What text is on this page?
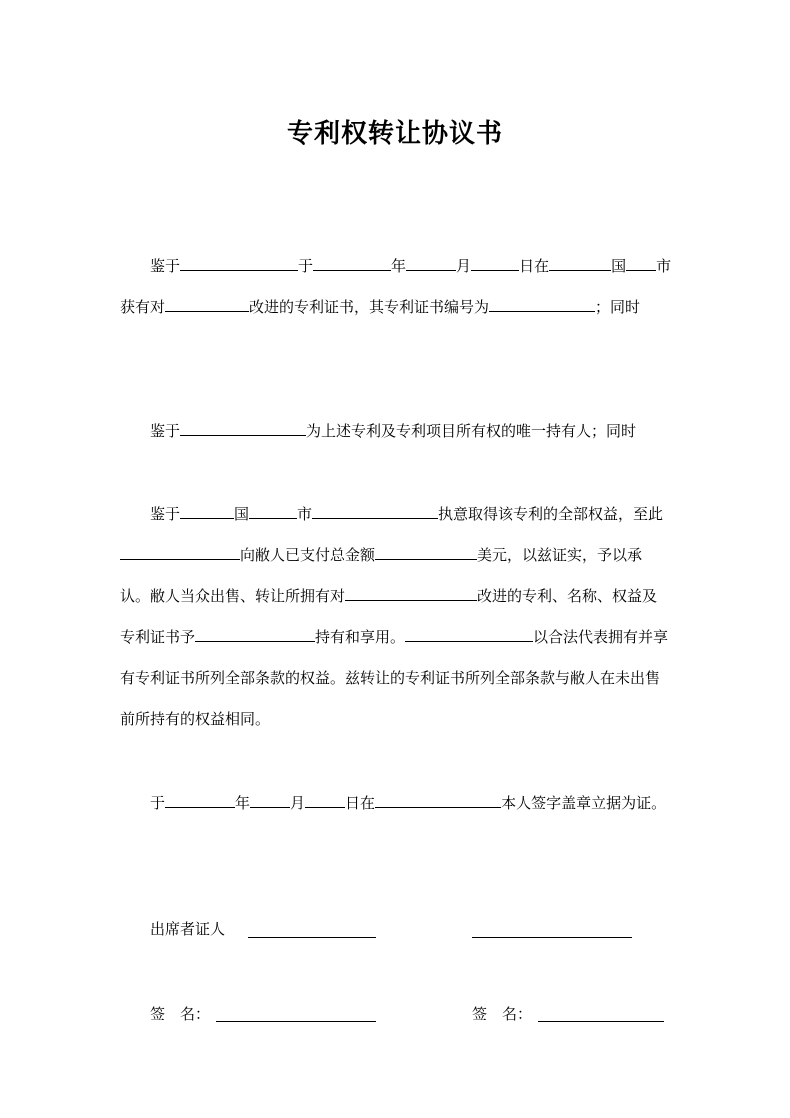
专利权转让协议书

鉴于	于	年	月	日在	国 市获有对	改进的专利证书，其专利证书编号为	；同时

鉴于	为上述专利及专利项目所有权的唯一持有人；同时

鉴于	国	市	执意取得该专利的全部权益，至此向敝人已支付总金额	美元，以兹证实，予以承认。敝人当众出售、转让所拥有对	改进的专利、名称、权益及专利证书予	持有和享用。	以合法代表拥有并享有专利证书所列全部条款的权益。兹转让的专利证书所列全部条款与敝人在未出售前所持有的权益相同。

于	年	月	日在	本人签字盖章立据为证。

出席者证人
签　名：	签　名：
